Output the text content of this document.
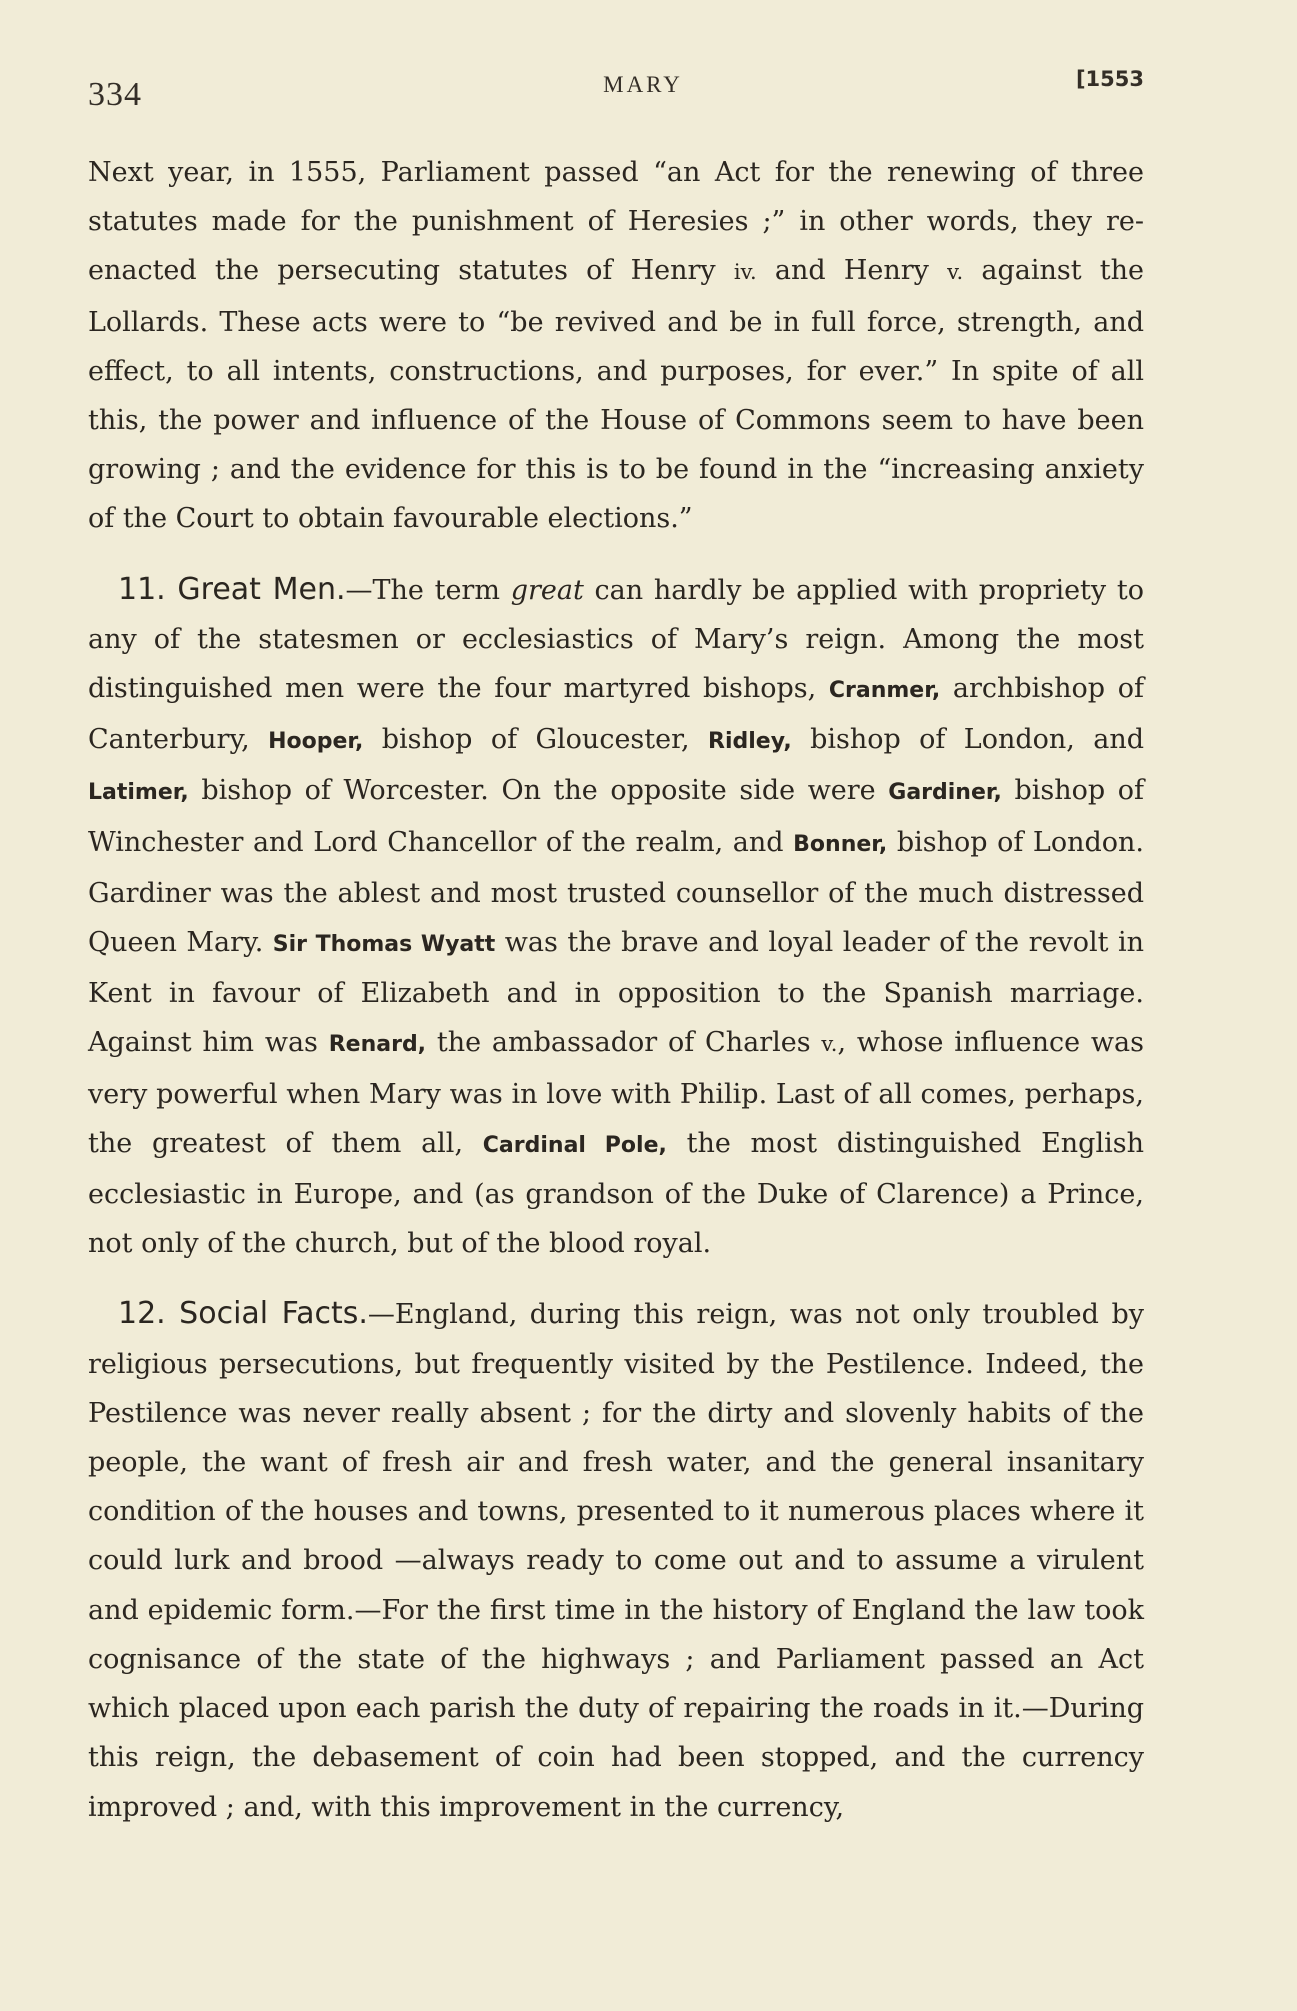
334	MARY	[1553

Next year, in 1555, Parliament passed “an Act for the renewing of three statutes made for the punishment of Heresies ;” in other words, they re-enacted the persecuting statutes of Henry iv. and Henry v. against the Lollards. These acts were to “be revived and be in full force, strength, and effect, to all intents, constructions, and purposes, for ever.” In spite of all this, the power and influence of the House of Commons seem to have been growing ; and the evidence for this is to be found in the “increasing anxiety of the Court to obtain favourable elections.”

11. Great Men.—The term great can hardly be applied with propriety to any of the statesmen or ecclesiastics of Mary’s reign. Among the most distinguished men were the four martyred bishops, Cranmer, archbishop of Canterbury, Hooper, bishop of Gloucester, Ridley, bishop of London, and Latimer, bishop of Worcester. On the opposite side were Gardiner, bishop of Winchester and Lord Chancellor of the realm, and Bonner, bishop of London. Gardiner was the ablest and most trusted counsellor of the much distressed Queen Mary. Sir Thomas Wyatt was the brave and loyal leader of the revolt in Kent in favour of Elizabeth and in opposition to the Spanish marriage. Against him was Renard, the ambassador of Charles v., whose influence was very powerful when Mary was in love with Philip. Last of all comes, perhaps, the greatest of them all, Cardinal Pole, the most distinguished English ecclesiastic in Europe, and (as grandson of the Duke of Clarence) a Prince, not only of the church, but of the blood royal.

12. Social Facts.—England, during this reign, was not only troubled by religious persecutions, but frequently visited by the Pestilence. Indeed, the Pestilence was never really absent ; for the dirty and slovenly habits of the people, the want of fresh air and fresh water, and the general insanitary condition of the houses and towns, presented to it numerous places where it could lurk and brood —always ready to come out and to assume a virulent and epidemic form.—For the first time in the history of England the law took cognisance of the state of the highways ; and Parliament passed an Act which placed upon each parish the duty of repairing the roads in it.—During this reign, the debasement of coin had been stopped, and the currency improved ; and, with this improvement in the currency,
